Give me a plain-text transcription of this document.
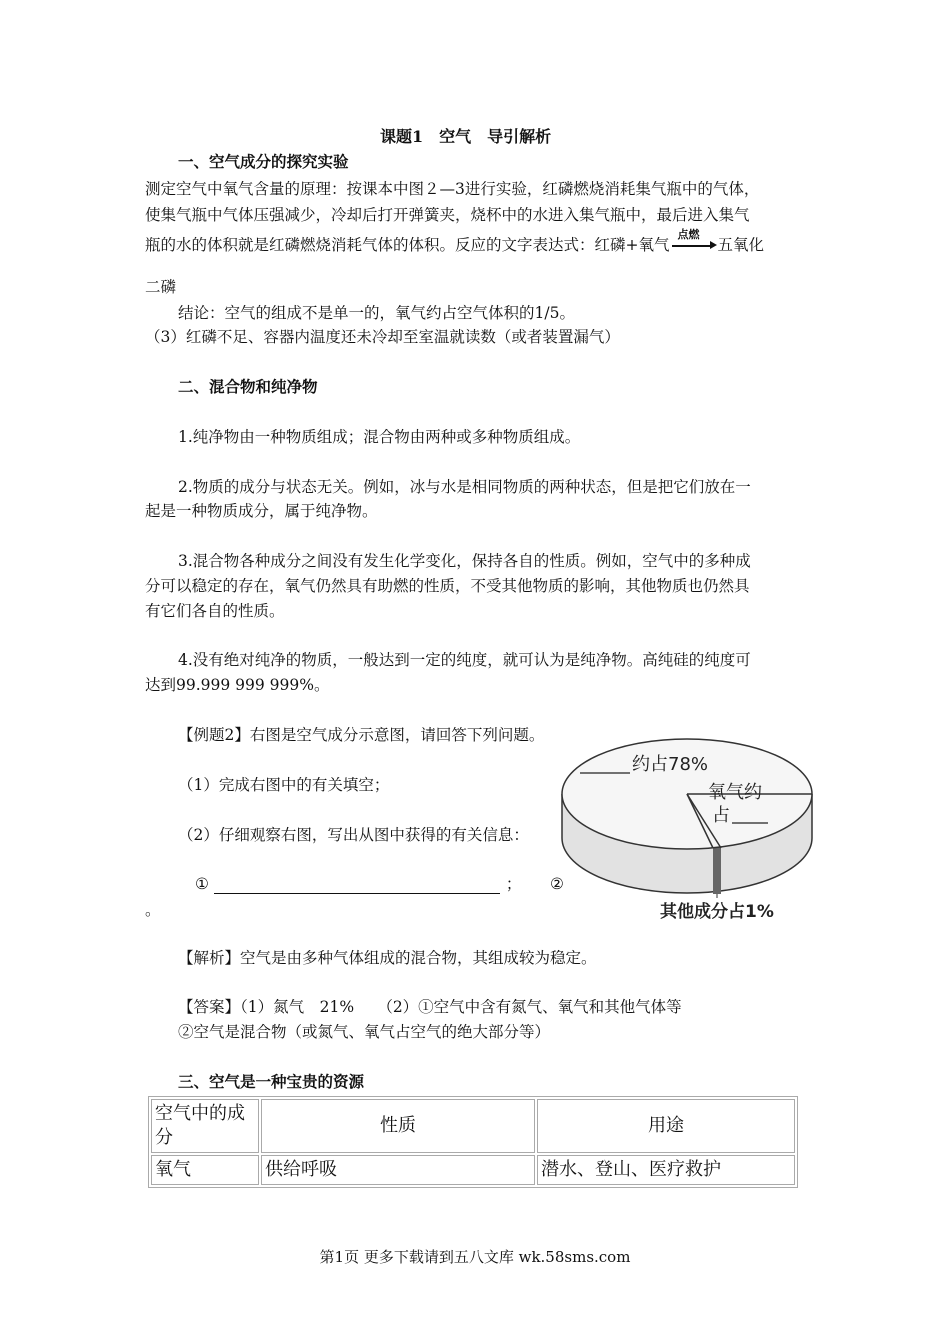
课题1　空气　导引解析
一、空气成分的探究实验
测定空气中氧气含量的原理：按课本中图２—3进行实验，红磷燃烧消耗集气瓶中的气体，
使集气瓶中气体压强减少，冷却后打开弹簧夹，烧杯中的水进入集气瓶中，最后进入集气
瓶的水的体积就是红磷燃烧消耗气体的体积。反应的文字表达式：红磷+氧气
点燃
五氧化
二磷
结论：空气的组成不是单一的，氧气约占空气体积的1/5。
（3）红磷不足、容器内温度还未冷却至室温就读数（或者装置漏气）
二、混合物和纯净物
1.纯净物由一种物质组成；混合物由两种或多种物质组成。
2.物质的成分与状态无关。例如，冰与水是相同物质的两种状态，但是把它们放在一
起是一种物质成分，属于纯净物。
3.混合物各种成分之间没有发生化学变化，保持各自的性质。例如，空气中的多种成
分可以稳定的存在，氧气仍然具有助燃的性质，不受其他物质的影响，其他物质也仍然具
有它们各自的性质。
4.没有绝对纯净的物质，一般达到一定的纯度，就可认为是纯净物。高纯硅的纯度可
达到99.999 999 999%。
【例题2】右图是空气成分示意图，请回答下列问题。
（1）完成右图中的有关填空；
（2）仔细观察右图，写出从图中获得的有关信息：
①	； ②
。
约占78%
氧气约
占
其他成分占1%
【解析】空气是由多种气体组成的混合物，其组成较为稳定。
【答案】（1）氮气　21%　　（2）①空气中含有氮气、氧气和其他气体等
②空气是混合物（或氮气、氧气占空气的绝大部分等）
三、空气是一种宝贵的资源
空气中的成分	性质	用途
氧气	供给呼吸	潜水、登山、医疗救护
第1页 更多下载请到五八文库 wk.58sms.com
